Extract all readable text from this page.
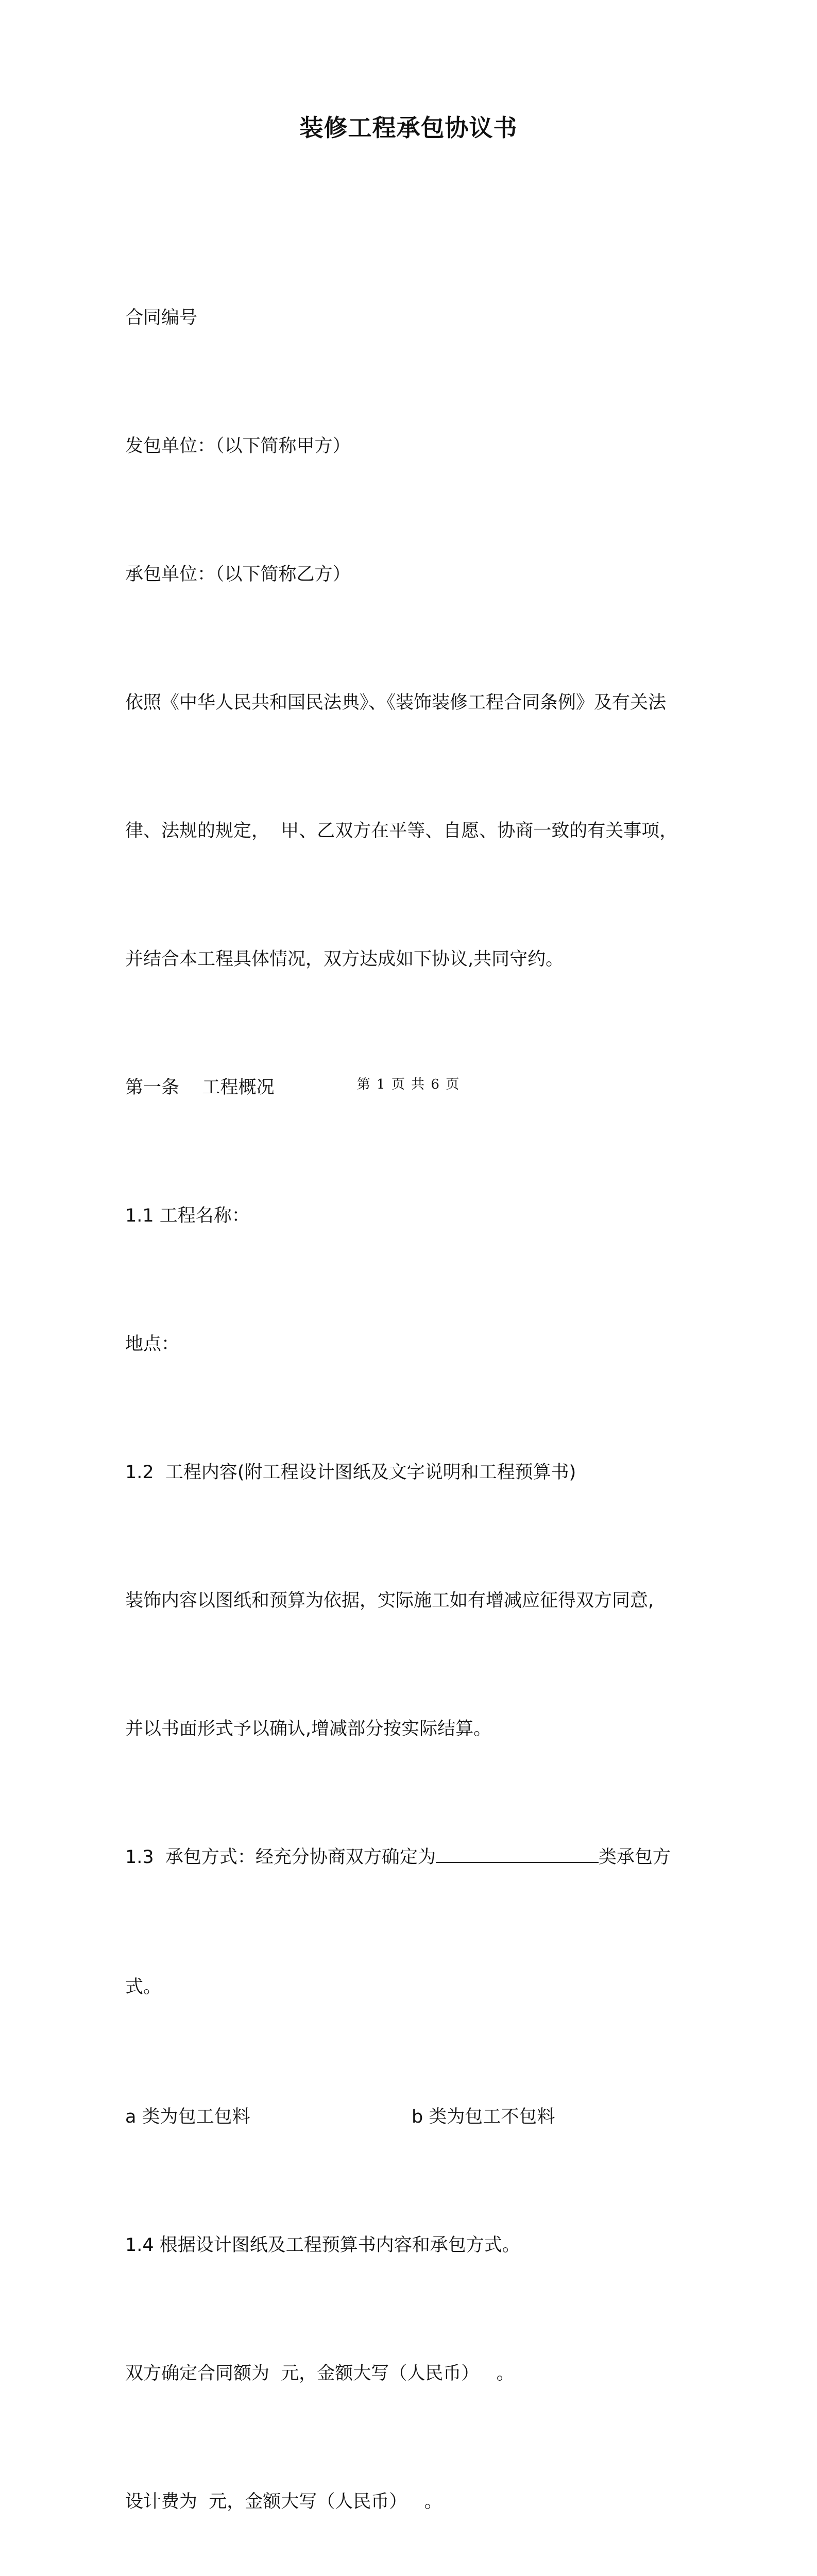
装修工程承包协议书

合同编号

发包单位：（以下简称甲方）

承包单位：（以下简称乙方）

依照《中华人民共和国民法典》、《装饰装修工程合同条例》及有关法

律、法规的规定，  甲、乙双方在平等、自愿、协商一致的有关事项，

并结合本工程具体情况，双方达成如下协议,共同守约。

第一条    工程概况

1.1 工程名称：

地点：

1.2  工程内容(附工程设计图纸及文字说明和工程预算书)

装饰内容以图纸和预算为依据，实际施工如有增减应征得双方同意,

并以书面形式予以确认,增减部分按实际结算。

1.3  承包方式：经充分协商双方确定为	类承包方

式。

a 类为包工包料	b 类为包工不包料

1.4 根据设计图纸及工程预算书内容和承包方式。

双方确定合同额为  元，金额大写（人民币）   。

设计费为  元，金额大写（人民币）   。

第 1 页 共 6 页
